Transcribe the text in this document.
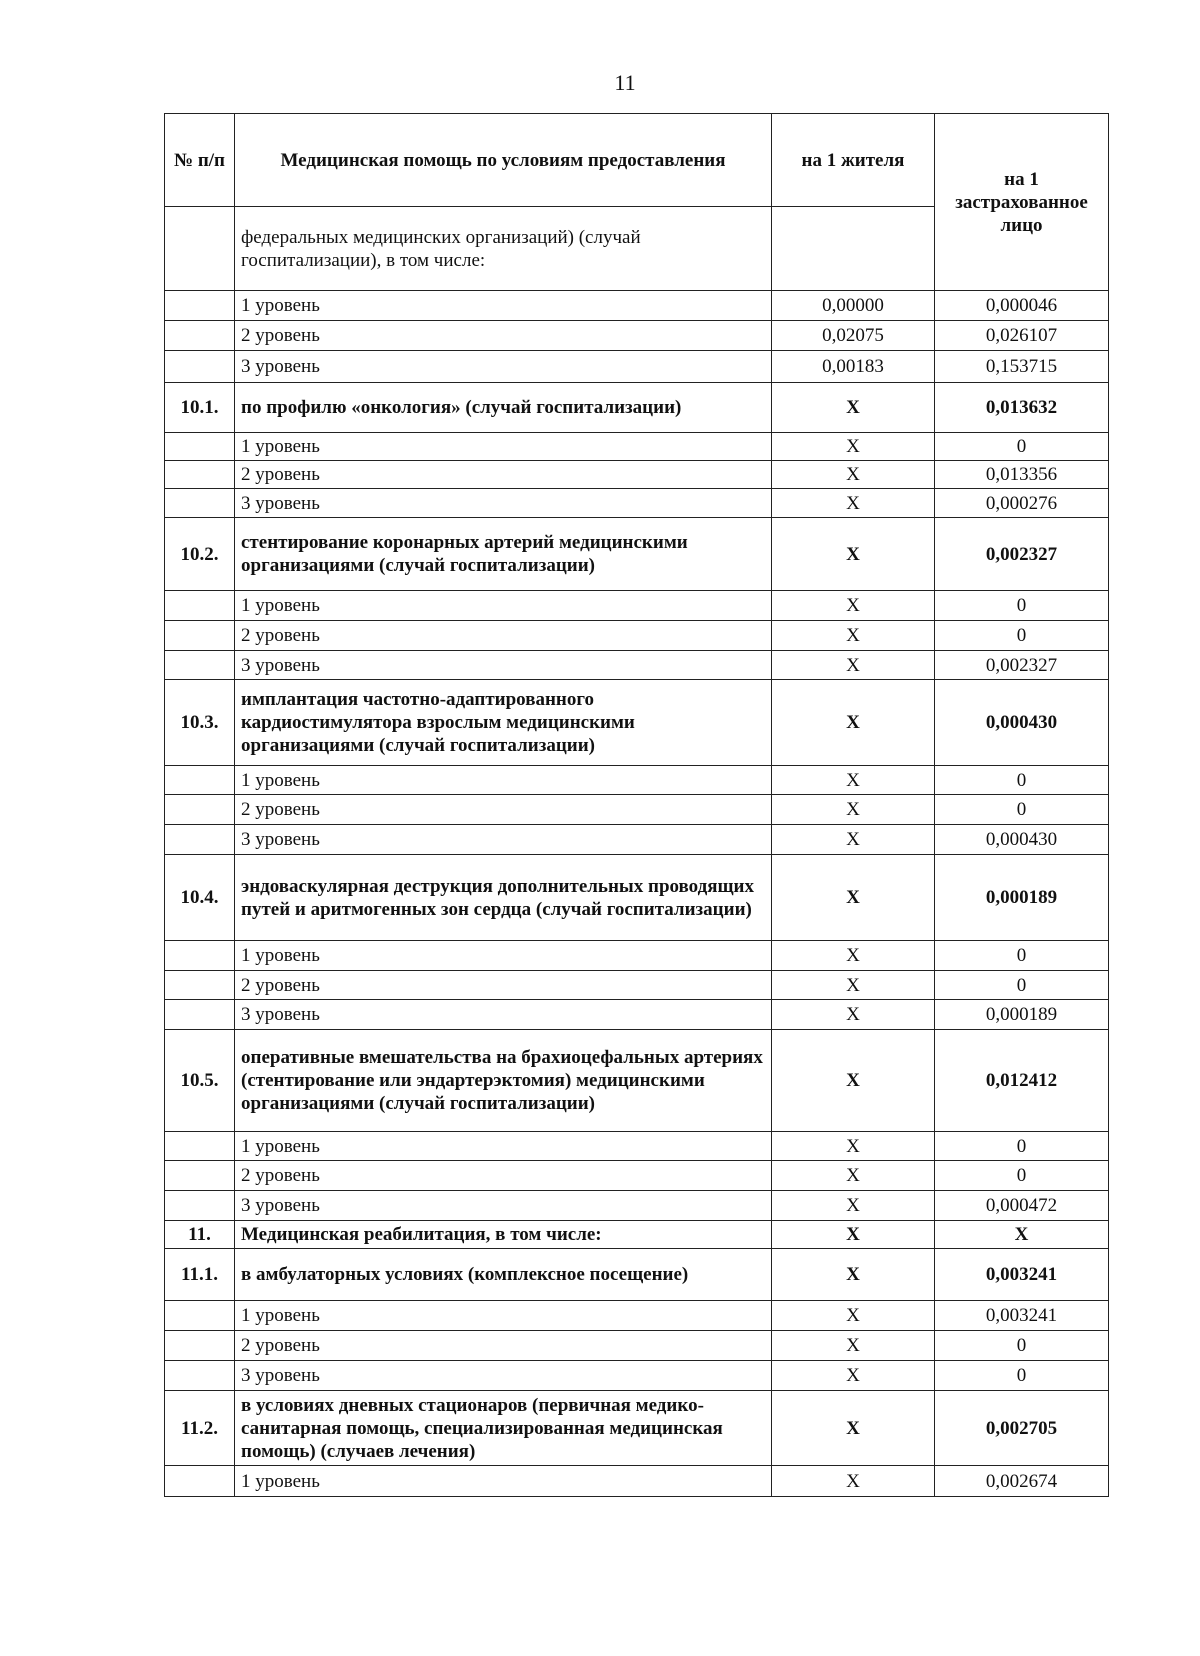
11
№ п/п	Медицинская помощь по условиям предоставления	на 1 жителя	на 1 застрахованное лицо
	федеральных медицинских организаций) (случай госпитализации), в том числе:		
	1 уровень	0,00000	0,000046
	2 уровень	0,02075	0,026107
	3 уровень	0,00183	0,153715
10.1.	по профилю «онкология» (случай госпитализации)	X	0,013632
	1 уровень	X	0
	2 уровень	X	0,013356
	3 уровень	X	0,000276
10.2.	стентирование коронарных артерий медицинскими организациями (случай госпитализации)	X	0,002327
	1 уровень	X	0
	2 уровень	X	0
	3 уровень	X	0,002327
10.3.	имплантация частотно-адаптированного кардиостимулятора взрослым медицинскими организациями (случай госпитализации)	X	0,000430
	1 уровень	X	0
	2 уровень	X	0
	3 уровень	X	0,000430
10.4.	эндоваскулярная деструкция дополнительных проводящих путей и аритмогенных зон сердца (случай госпитализации)	X	0,000189
	1 уровень	X	0
	2 уровень	X	0
	3 уровень	X	0,000189
10.5.	оперативные вмешательства на брахиоцефальных артериях (стентирование или эндартерэктомия) медицинскими организациями (случай госпитализации)	X	0,012412
	1 уровень	X	0
	2 уровень	X	0
	3 уровень	X	0,000472
11.	Медицинская реабилитация, в том числе:	X	X
11.1.	в амбулаторных условиях (комплексное посещение)	X	0,003241
	1 уровень	X	0,003241
	2 уровень	X	0
	3 уровень	X	0
11.2.	в условиях дневных стационаров (первичная медико-санитарная помощь, специализированная медицинская помощь) (случаев лечения)	X	0,002705
	1 уровень	X	0,002674
